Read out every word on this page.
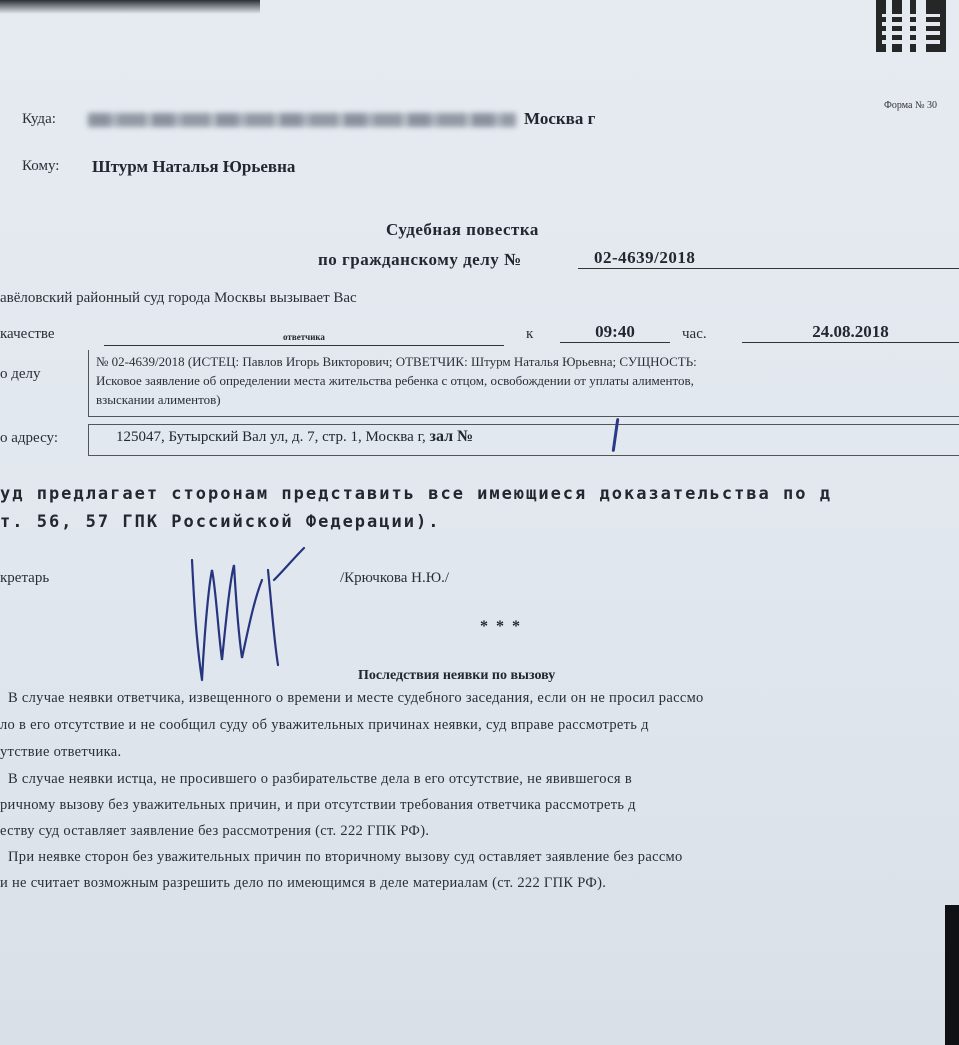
Форма № 30
Куда:	Москва г
Кому: Штурм Наталья Юрьевна
Судебная повестка
по гражданскому делу №	02-4639/2018
авёловский районный суд города Москвы вызывает Вас
качестве	ответчика	к	09:40	час.	24.08.2018
о делу
№ 02-4639/2018 (ИСТЕЦ: Павлов Игорь Викторович; ОТВЕТЧИК: Штурм Наталья Юрьевна; СУЩНОСТЬ:
Исковое заявление об определении места жительства ребенка с отцом, освобождении от уплаты алиментов,
взыскании алиментов)
о адресу:	125047, Бутырский Вал ул, д. 7, стр. 1, Москва г, зал №
уд предлагает сторонам представить все имеющиеся доказательства по д
т. 56, 57 ГПК Российской Федерации).
кретарь	/Крючкова Н.Ю./
* * *
Последствия неявки по вызову
В случае неявки ответчика, извещенного о времени и месте судебного заседания, если он не просил рассмо
ло в его отсутствие и не сообщил суду об уважительных причинах неявки, суд вправе рассмотреть д
утствие ответчика.
В случае неявки истца, не просившего о разбирательстве дела в его отсутствие, не явившегося в
ричному вызову без уважительных причин, и при отсутствии требования ответчика рассмотреть д
еству суд оставляет заявление без рассмотрения (ст. 222 ГПК РФ).
При неявке сторон без уважительных причин по вторичному вызову суд оставляет заявление без рассмо
и не считает возможным разрешить дело по имеющимся в деле материалам (ст. 222 ГПК РФ).
